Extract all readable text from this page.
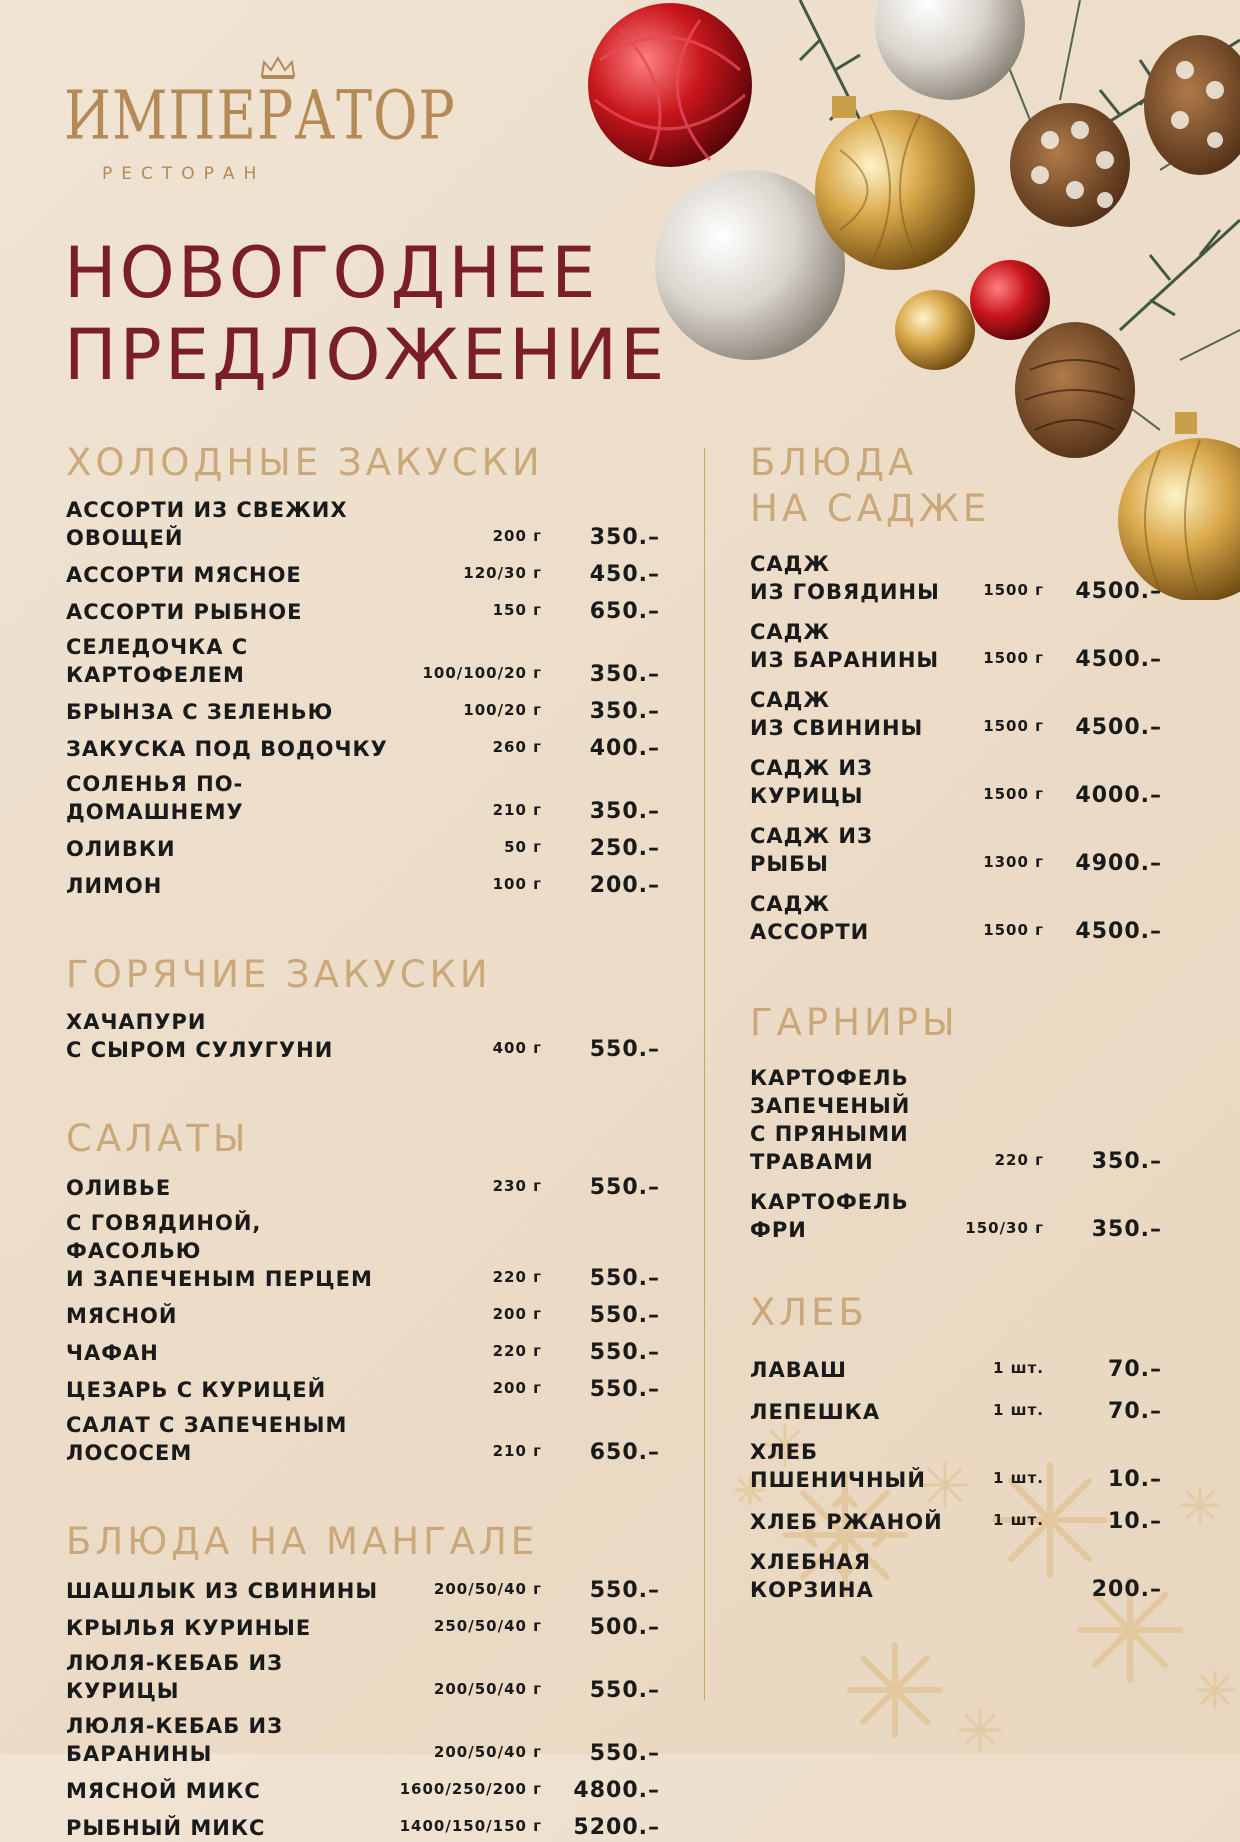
ИМПЕРАТОР
РЕСТОРАН
НОВОГОДНЕЕ
ПРЕДЛОЖЕНИЕ
ХОЛОДНЫЕ ЗАКУСКИ
АССОРТИ ИЗ СВЕЖИХ ОВОЩЕЙ	200 г	350.–
АССОРТИ МЯСНОЕ	120/30 г	450.–
АССОРТИ РЫБНОЕ	150 г	650.–
СЕЛЕДОЧКА С КАРТОФЕЛЕМ	100/100/20 г	350.–
БРЫНЗА С ЗЕЛЕНЬЮ	100/20 г	350.–
ЗАКУСКА ПОД ВОДОЧКУ	260 г	400.–
СОЛЕНЬЯ ПО-ДОМАШНЕМУ	210 г	350.–
ОЛИВКИ	50 г	250.–
ЛИМОН	100 г	200.–
ГОРЯЧИЕ ЗАКУСКИ
ХАЧАПУРИ
С СЫРОМ СУЛУГУНИ	400 г	550.–
САЛАТЫ
ОЛИВЬЕ	230 г	550.–
С ГОВЯДИНОЙ, ФАСОЛЬЮ
И ЗАПЕЧЕНЫМ ПЕРЦЕМ	220 г	550.–
МЯСНОЙ	200 г	550.–
ЧАФАН	220 г	550.–
ЦЕЗАРЬ С КУРИЦЕЙ	200 г	550.–
САЛАТ С ЗАПЕЧЕНЫМ ЛОСОСЕМ	210 г	650.–
БЛЮДА НА МАНГАЛЕ
ШАШЛЫК ИЗ СВИНИНЫ	200/50/40 г	550.–
КРЫЛЬЯ КУРИНЫЕ	250/50/40 г	500.–
ЛЮЛЯ-КЕБАБ ИЗ КУРИЦЫ	200/50/40 г	550.–
ЛЮЛЯ-КЕБАБ ИЗ БАРАНИНЫ	200/50/40 г	550.–
МЯСНОЙ МИКС	1600/250/200 г	4800.–
РЫБНЫЙ МИКС	1400/150/150 г	5200.–
БЛЮДА
НА САДЖЕ
САДЖ
ИЗ ГОВЯДИНЫ	1500 г	4500.–
САДЖ
ИЗ БАРАНИНЫ	1500 г	4500.–
САДЖ
ИЗ СВИНИНЫ	1500 г	4500.–
САДЖ ИЗ КУРИЦЫ	1500 г	4000.–
САДЖ ИЗ РЫБЫ	1300 г	4900.–
САДЖ АССОРТИ	1500 г	4500.–
ГАРНИРЫ
КАРТОФЕЛЬ ЗАПЕЧЕНЫЙ
С ПРЯНЫМИ ТРАВАМИ	220 г	350.–
КАРТОФЕЛЬ ФРИ	150/30 г	350.–
ХЛЕБ
ЛАВАШ	1 шт.	70.–
ЛЕПЕШКА	1 шт.	70.–
ХЛЕБ ПШЕНИЧНЫЙ	1 шт.	10.–
ХЛЕБ РЖАНОЙ	1 шт.	10.–
ХЛЕБНАЯ КОРЗИНА	200.–
